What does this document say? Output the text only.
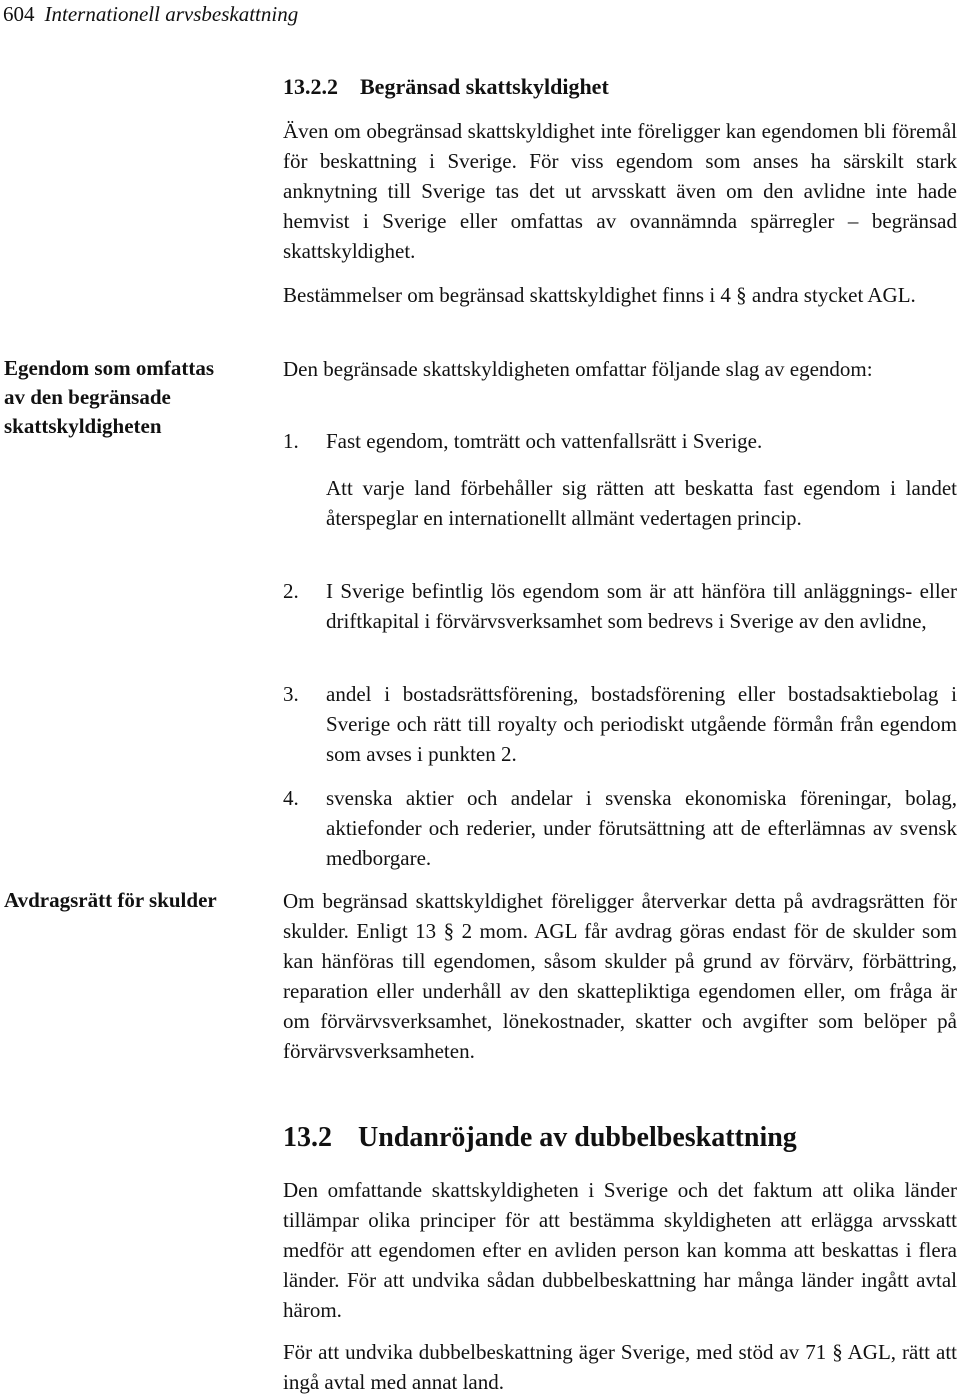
604 Internationell arvsbeskattning
13.2.2 Begränsad skattskyldighet

Även om obegränsad skattskyldighet inte föreligger kan egendomen bli föremål för beskattning i Sverige. För viss egendom som anses ha särskilt stark anknytning till Sverige tas det ut arvsskatt även om den avlidne inte hade hemvist i Sverige eller omfattas av ovannämnda spärregler – begränsad skattskyldighet.

Bestämmelser om begränsad skattskyldighet finns i 4 § andra stycket AGL.

Egendom som omfattas av den begränsade skattskyldigheten

Den begränsade skattskyldigheten omfattar följande slag av egendom:

1.	Fast egendom, tomträtt och vattenfallsrätt i Sverige.

Att varje land förbehåller sig rätten att beskatta fast egendom i landet återspeglar en internationellt allmänt vedertagen princip.

2.	I Sverige befintlig lös egendom som är att hänföra till anläggnings- eller driftkapital i förvärvsverksamhet som bedrevs i Sverige av den avlidne,
3.	andel i bostadsrättsförening, bostadsförening eller bostadsaktiebolag i Sverige och rätt till royalty och periodiskt utgående förmån från egendom som avses i punkten 2.
4.	svenska aktier och andelar i svenska ekonomiska föreningar, bolag, aktiefonder och rederier, under förutsättning att de efterlämnas av svensk medborgare.
Avdragsrätt för skulder	Om begränsad skattskyldighet föreligger återverkar detta på avdragsrätten för skulder. Enligt 13 § 2 mom. AGL får avdrag göras endast för de skulder som kan hänföras till egendomen, såsom skulder på grund av förvärv, förbättring, reparation eller underhåll av den skattepliktiga egendomen eller, om fråga är om förvärvsverksamhet, lönekostnader, skatter och avgifter som belöper på förvärvsverksamheten.

13.2 Undanröjande av dubbelbeskattning

Den omfattande skattskyldigheten i Sverige och det faktum att olika länder tillämpar olika principer för att bestämma skyldigheten att erlägga arvsskatt medför att egendomen efter en avliden person kan komma att beskattas i flera länder. För att undvika sådan dubbelbeskattning har många länder ingått avtal härom.

För att undvika dubbelbeskattning äger Sverige, med stöd av 71 § AGL, rätt att ingå avtal med annat land.
